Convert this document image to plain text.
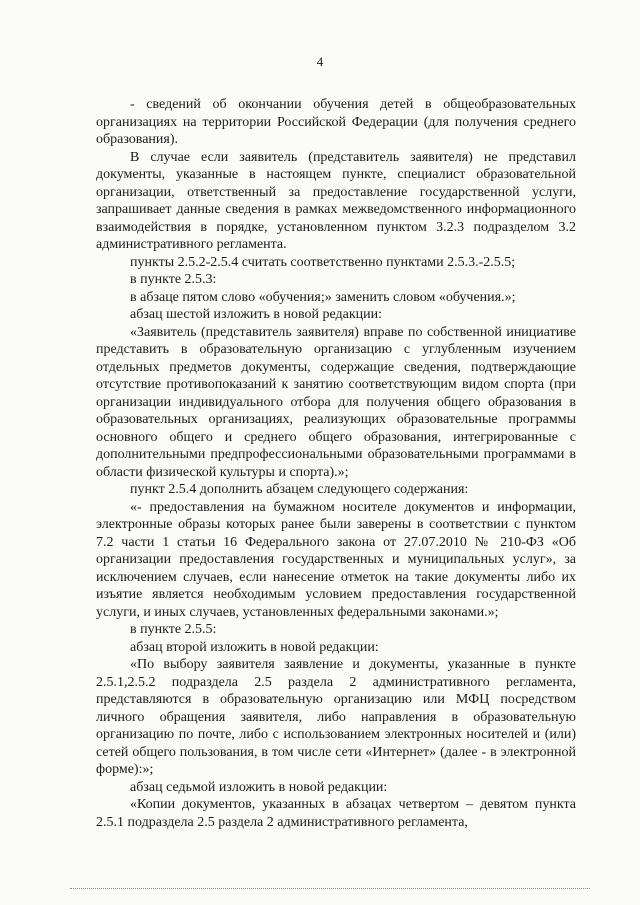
4

- сведений об окончании обучения детей в общеобразовательных организациях на территории Российской Федерации (для получения среднего образования).

В случае если заявитель (представитель заявителя) не представил документы, указанные в настоящем пункте, специалист образовательной организации, ответственный за предоставление государственной услуги, запрашивает данные сведения в рамках межведомственного информационного взаимодействия в порядке, установленном пунктом 3.2.3 подразделом 3.2 административного регламента.

пункты 2.5.2-2.5.4 считать соответственно пунктами 2.5.3.-2.5.5;

в пункте 2.5.3:

в абзаце пятом слово «обучения;» заменить словом «обучения.»;

абзац шестой изложить в новой редакции:

«Заявитель (представитель заявителя) вправе по собственной инициативе представить в образовательную организацию с углубленным изучением отдельных предметов документы, содержащие сведения, подтверждающие отсутствие противопоказаний к занятию соответствующим видом спорта (при организации индивидуального отбора для получения общего образования в образовательных организациях, реализующих образовательные программы основного общего и среднего общего образования, интегрированные с дополнительными предпрофессиональными образовательными программами в области физической культуры и спорта).»;

пункт 2.5.4 дополнить абзацем следующего содержания:

«- предоставления на бумажном носителе документов и информации, электронные образы которых ранее были заверены в соответствии с пунктом 7.2 части 1 статьи 16 Федерального закона от 27.07.2010 № 210-ФЗ «Об организации предоставления государственных и муниципальных услуг», за исключением случаев, если нанесение отметок на такие документы либо их изъятие является необходимым условием предоставления государственной услуги, и иных случаев, установленных федеральными законами.»;

в пункте 2.5.5:

абзац второй изложить в новой редакции:

«По выбору заявителя заявление и документы, указанные в пункте 2.5.1,2.5.2 подраздела 2.5 раздела 2 административного регламента, представляются в образовательную организацию или МФЦ посредством личного обращения заявителя, либо направления в образовательную организацию по почте, либо с использованием электронных носителей и (или) сетей общего пользования, в том числе сети «Интернет» (далее - в электронной форме):»;

абзац седьмой изложить в новой редакции:

«Копии документов, указанных в абзацах четвертом – девятом пункта 2.5.1 подраздела 2.5 раздела 2 административного регламента,
